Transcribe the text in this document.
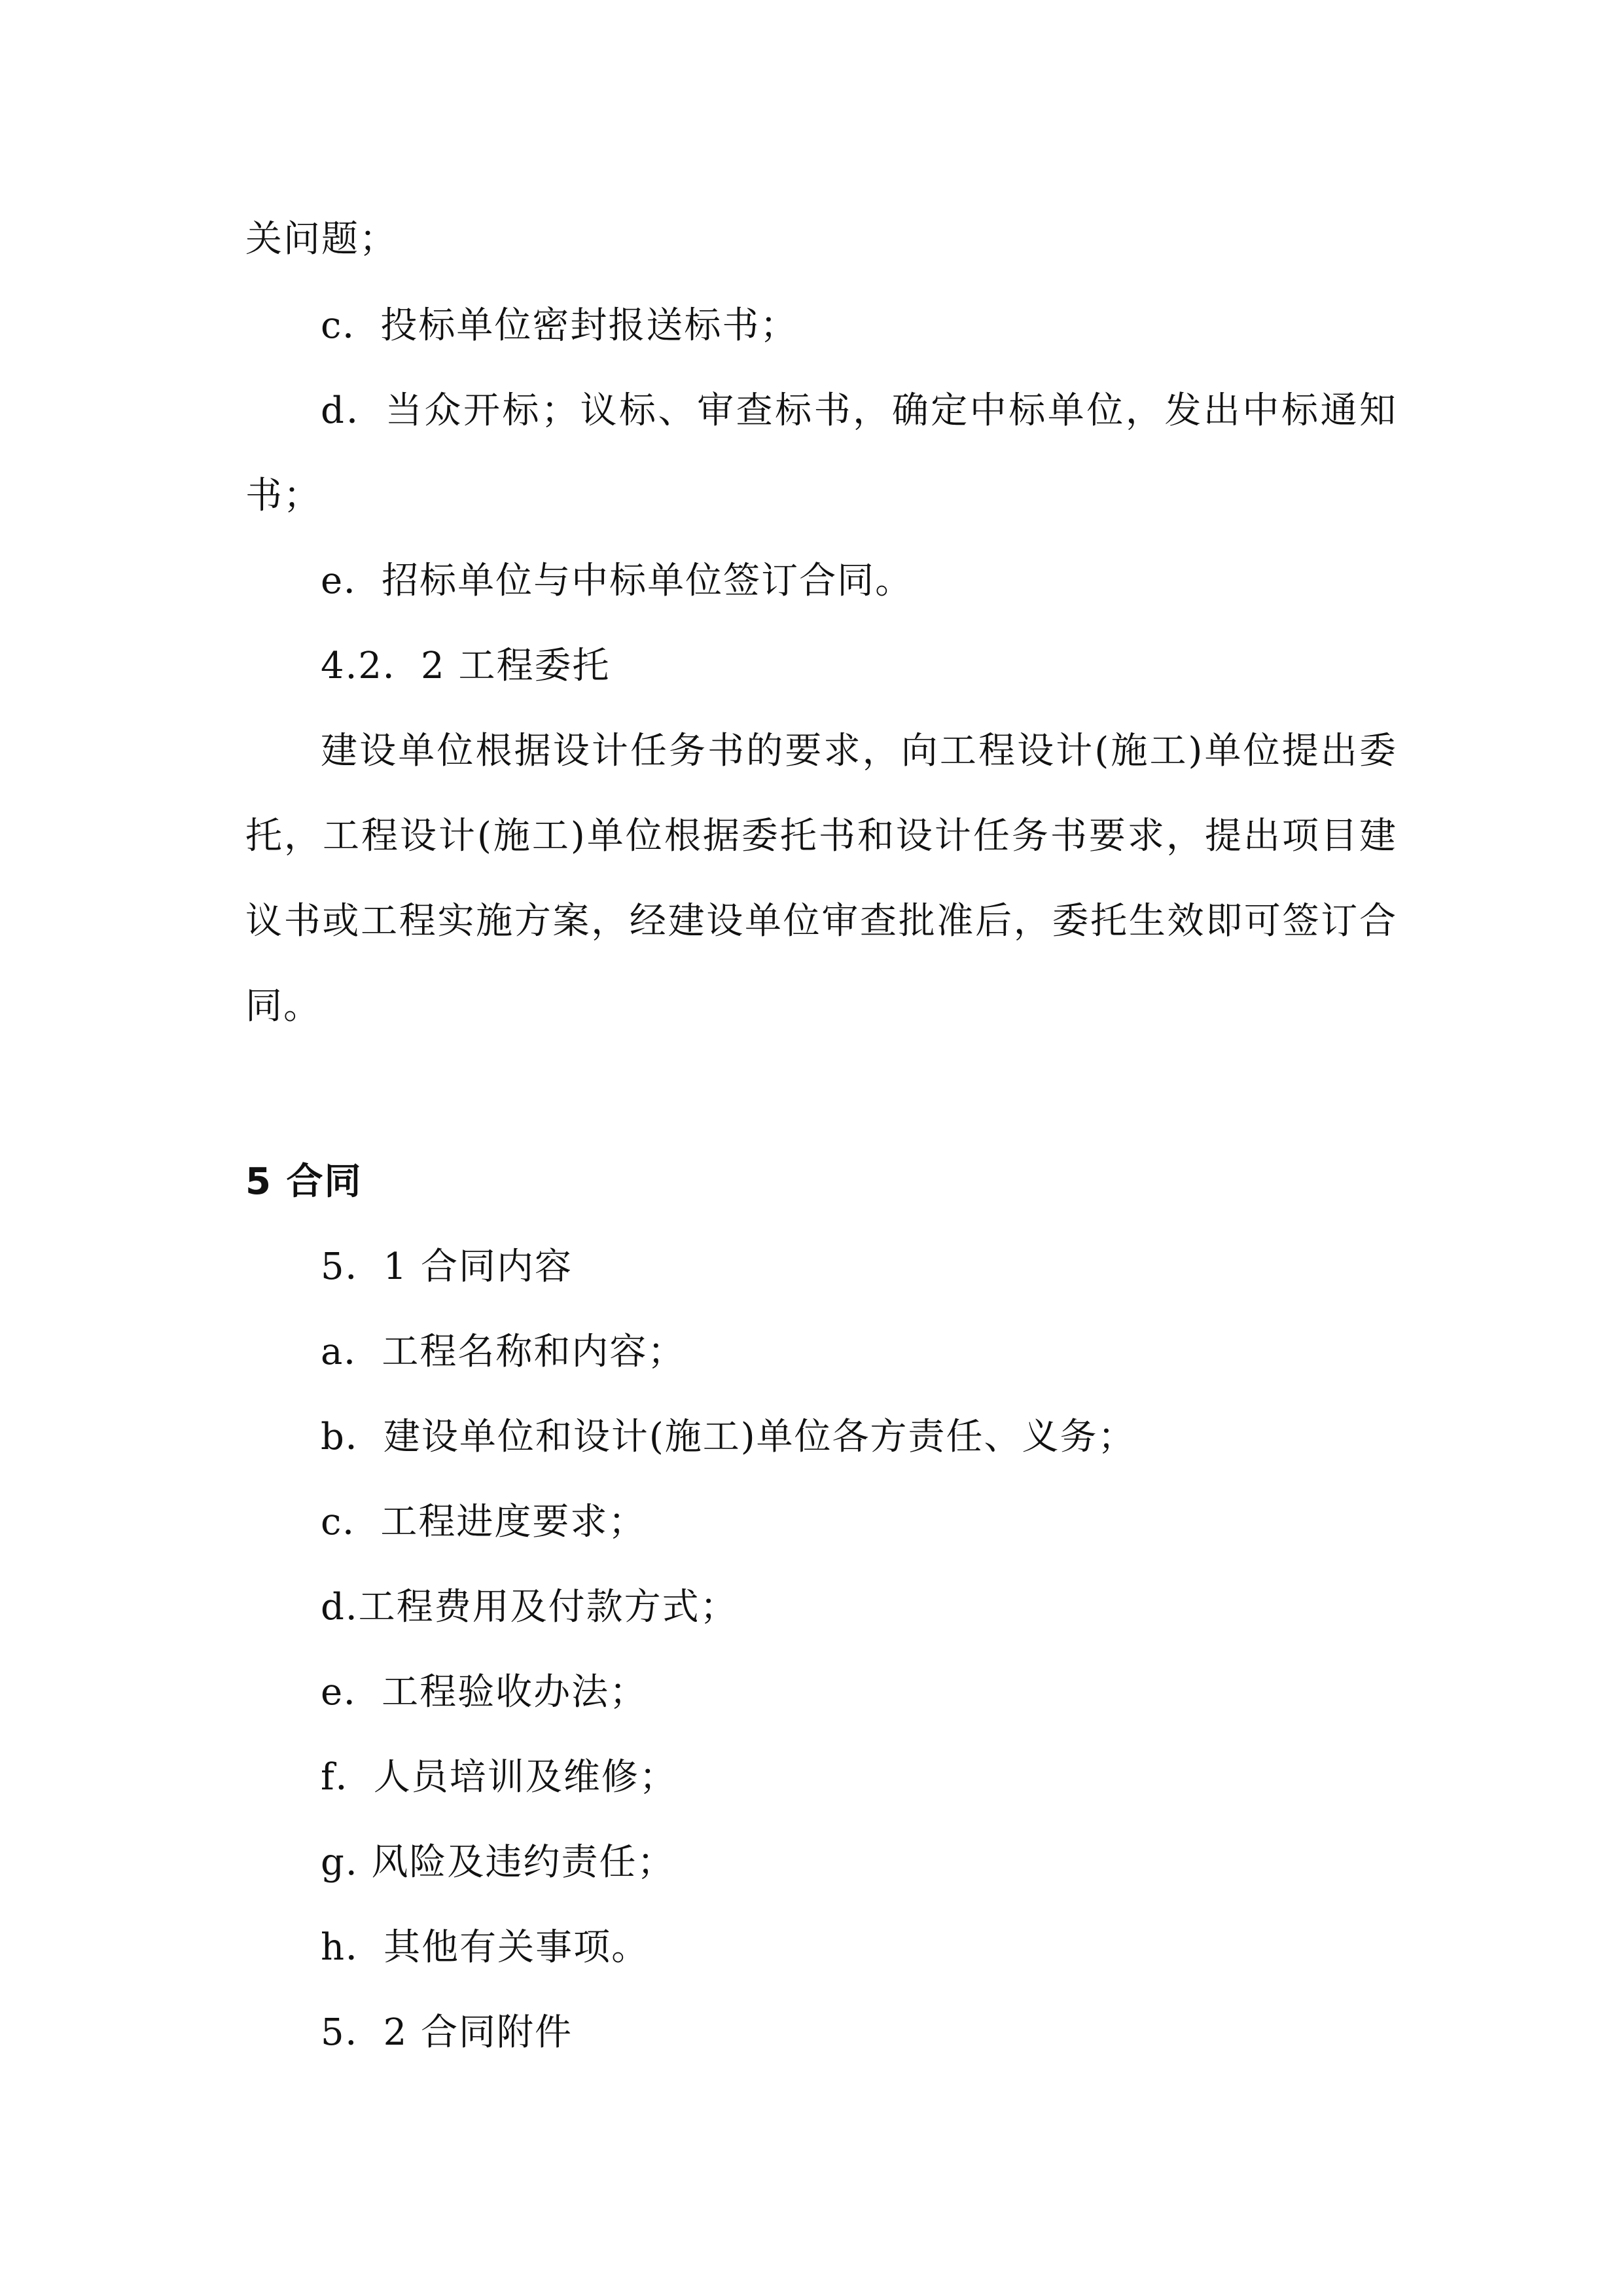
关问题；
c．投标单位密封报送标书；
d．当众开标；议标、审查标书，确定中标单位，发出中标通知
书；
e．招标单位与中标单位签订合同。
4.2．2 工程委托
建设单位根据设计任务书的要求，向工程设计(施工)单位提出委
托，工程设计(施工)单位根据委托书和设计任务书要求，提出项目建
议书或工程实施方案，经建设单位审查批准后，委托生效即可签订合
同。
5 合同
5．1 合同内容
a．工程名称和内容；
b．建设单位和设计(施工)单位各方责任、义务；
c．工程进度要求；
d.工程费用及付款方式；
e．工程验收办法；
f．人员培训及维修；
g. 风险及违约责任；
h．其他有关事项。
5．2 合同附件
